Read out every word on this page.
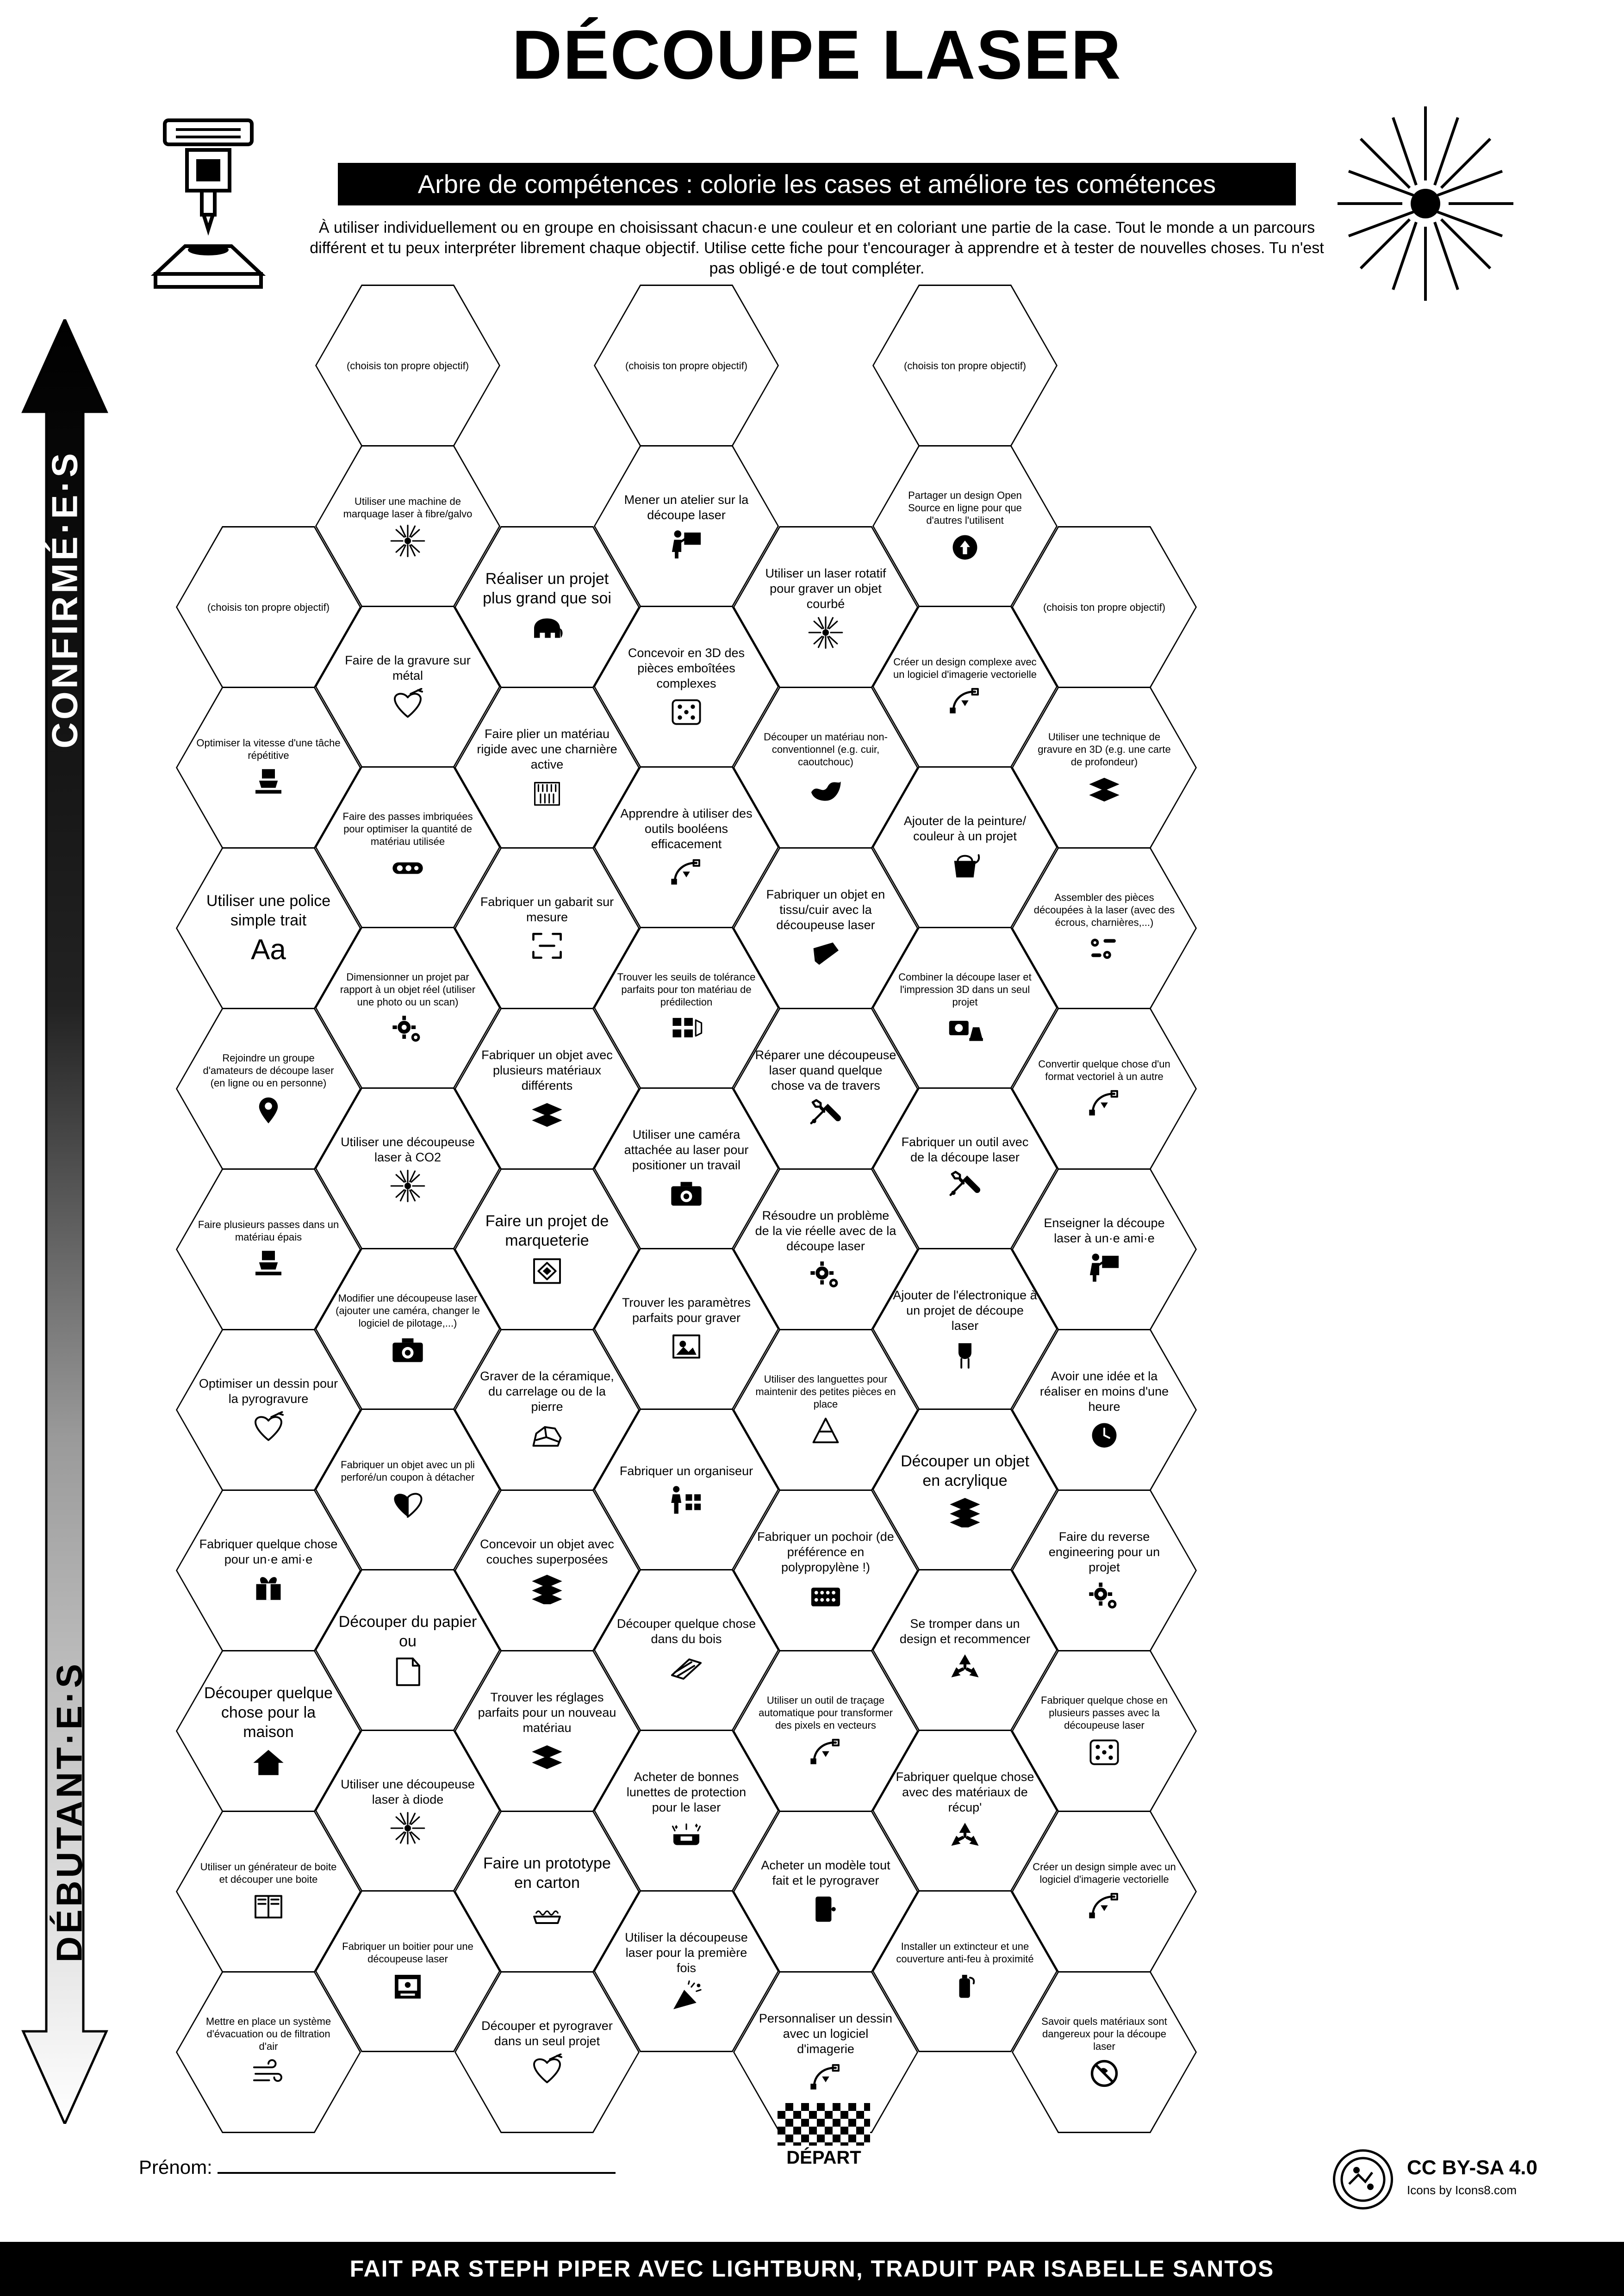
DÉCOUPE LASER
Arbre de compétences : colorie les cases et améliore tes cométences
À utiliser individuellement ou en groupe en choisissant chacun·e une couleur et en coloriant une partie de la case. Tout le monde a un parcours différent et tu peux interpréter librement chaque objectif. Utilise cette fiche pour t'encourager à apprendre et à tester de nouvelles choses. Tu n'est pas obligé·e de tout compléter.
CONFIRMÉ·E·S
DÉBUTANT·E·S
(choisis ton propre objectif)
Optimiser la vitesse d'une tâche répétitive
Utiliser une police simple trait
Aa
Rejoindre un groupe d'amateurs de découpe laser (en ligne ou en personne)
Faire plusieurs passes dans un matériau épais
Optimiser un dessin pour la pyrogravure
Fabriquer quelque chose pour un·e ami·e
Découper quelque chose pour la maison
Utiliser un générateur de boite et découper une boite
Mettre en place un système d'évacuation ou de filtration d'air
(choisis ton propre objectif)
Utiliser une machine de marquage laser à fibre/galvo
Faire de la gravure sur métal
Faire des passes imbriquées pour optimiser la quantité de matériau utilisée
Dimensionner un projet par rapport à un objet réel (utiliser une photo ou un scan)
Utiliser une découpeuse laser à CO2
Modifier une découpeuse laser (ajouter une caméra, changer le logiciel de pilotage,...)
Fabriquer un objet avec un pli perforé/un coupon à détacher
Découper du papier ou
Utiliser une découpeuse laser à diode
Fabriquer un boitier pour une découpeuse laser
Réaliser un projet plus grand que soi
Faire plier un matériau rigide avec une charnière active
Fabriquer un gabarit sur mesure
Fabriquer un objet avec plusieurs matériaux différents
Faire un projet de marqueterie
Graver de la céramique, du carrelage ou de la pierre
Concevoir un objet avec couches superposées
Trouver les réglages parfaits pour un nouveau matériau
Faire un prototype en carton
Découper et pyrograver dans un seul projet
(choisis ton propre objectif)
Mener un atelier sur la découpe laser
Concevoir en 3D des pièces emboîtées complexes
Apprendre à utiliser des outils booléens efficacement
Trouver les seuils de tolérance parfaits pour ton matériau de prédilection
Utiliser une caméra attachée au laser pour positioner un travail
Trouver les paramètres parfaits pour graver
Fabriquer un organiseur
Découper quelque chose dans du bois
Acheter de bonnes lunettes de protection pour le laser
Utiliser la découpeuse laser pour la première fois
Utiliser un laser rotatif pour graver un objet courbé
Découper un matériau non-conventionnel (e.g. cuir, caoutchouc)
Fabriquer un objet en tissu/cuir avec la découpeuse laser
Réparer une découpeuse laser quand quelque chose va de travers
Résoudre un problème de la vie réelle avec de la découpe laser
Utiliser des languettes pour maintenir des petites pièces en place
Fabriquer un pochoir (de préférence en polypropylène !)
Utiliser un outil de traçage automatique pour transformer des pixels en vecteurs
Acheter un modèle tout fait et le pyrograver
Personnaliser un dessin avec un logiciel d'imagerie
(choisis ton propre objectif)
Partager un design Open Source en ligne pour que d'autres l'utilisent
Créer un design complexe avec un logiciel d'imagerie vectorielle
Ajouter de la peinture/ couleur à un projet
Combiner la découpe laser et l'impression 3D dans un seul projet
Fabriquer un outil avec de la découpe laser
Ajouter de l'électronique à un projet de découpe laser
Découper un objet en acrylique
Se tromper dans un design et recommencer
Fabriquer quelque chose avec des matériaux de récup'
Installer un extincteur et une couverture anti-feu à proximité
(choisis ton propre objectif)
Utiliser une technique de gravure en 3D (e.g. une carte de profondeur)
Assembler des pièces découpées à la laser (avec des écrous, charnières,...)
Convertir quelque chose d'un format vectoriel à un autre
Enseigner la découpe laser à un·e ami·e
Avoir une idée et la réaliser en moins d'une heure
Faire du reverse engineering pour un projet
Fabriquer quelque chose en plusieurs passes avec la découpeuse laser
Créer un design simple avec un logiciel d'imagerie vectorielle
Savoir quels matériaux sont dangereux pour la découpe laser
DÉPART
Prénom:	CC BY-SA 4.0
Icons by Icons8.com
FAIT PAR STEPH PIPER AVEC LIGHTBURN, TRADUIT PAR ISABELLE SANTOS
